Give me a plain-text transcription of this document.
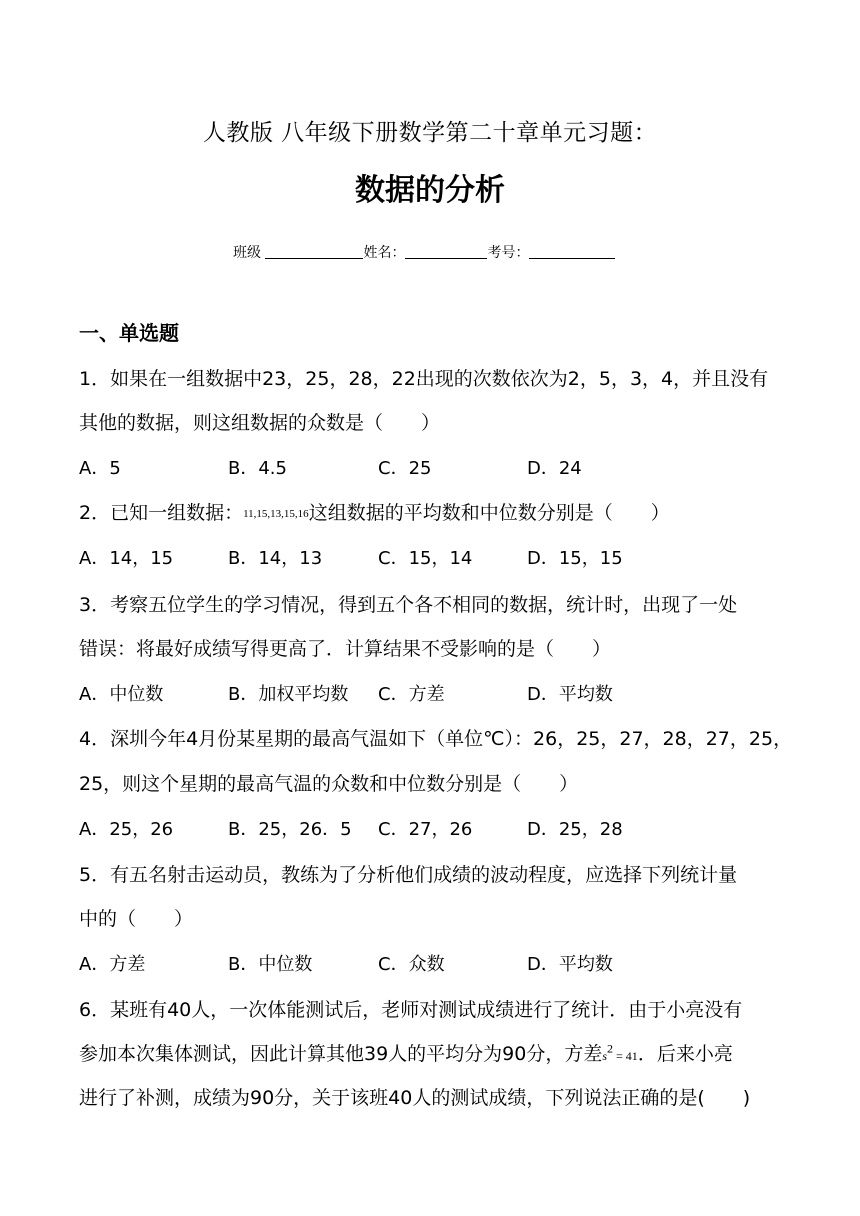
人教版 八年级下册数学第二十章单元习题：
数据的分析
班级	姓名：	考号：
一、单选题
1．如果在一组数据中23，25，28，22出现的次数依次为2，5，3，4，并且没有
其他的数据，则这组数据的众数是（　　）
A．5	B．4.5	C．25	D．24
2．已知一组数据：11,15,13,15,16这组数据的平均数和中位数分别是（　　）
A．14，15	B．14，13	C．15，14	D．15，15
3．考察五位学生的学习情况，得到五个各不相同的数据，统计时，出现了一处
错误：将最好成绩写得更高了．计算结果不受影响的是（　　）
A．中位数	B．加权平均数 C．方差	D．平均数
4．深圳今年4月份某星期的最高气温如下（单位℃）：26，25，27，28，27，25，
25，则这个星期的最高气温的众数和中位数分别是（　　）
A．25，26	B．25，26．5 C．27，26	D．25，28
5．有五名射击运动员，教练为了分析他们成绩的波动程度，应选择下列统计量
中的（　　）
A．方差	B．中位数	C．众数	D．平均数
6．某班有40人，一次体能测试后，老师对测试成绩进行了统计．由于小亮没有
参加本次集体测试，因此计算其他39人的平均分为90分，方差$s^2 = 41$．后来小亮
进行了补测，成绩为90分，关于该班40人的测试成绩，下列说法正确的是(　　)
